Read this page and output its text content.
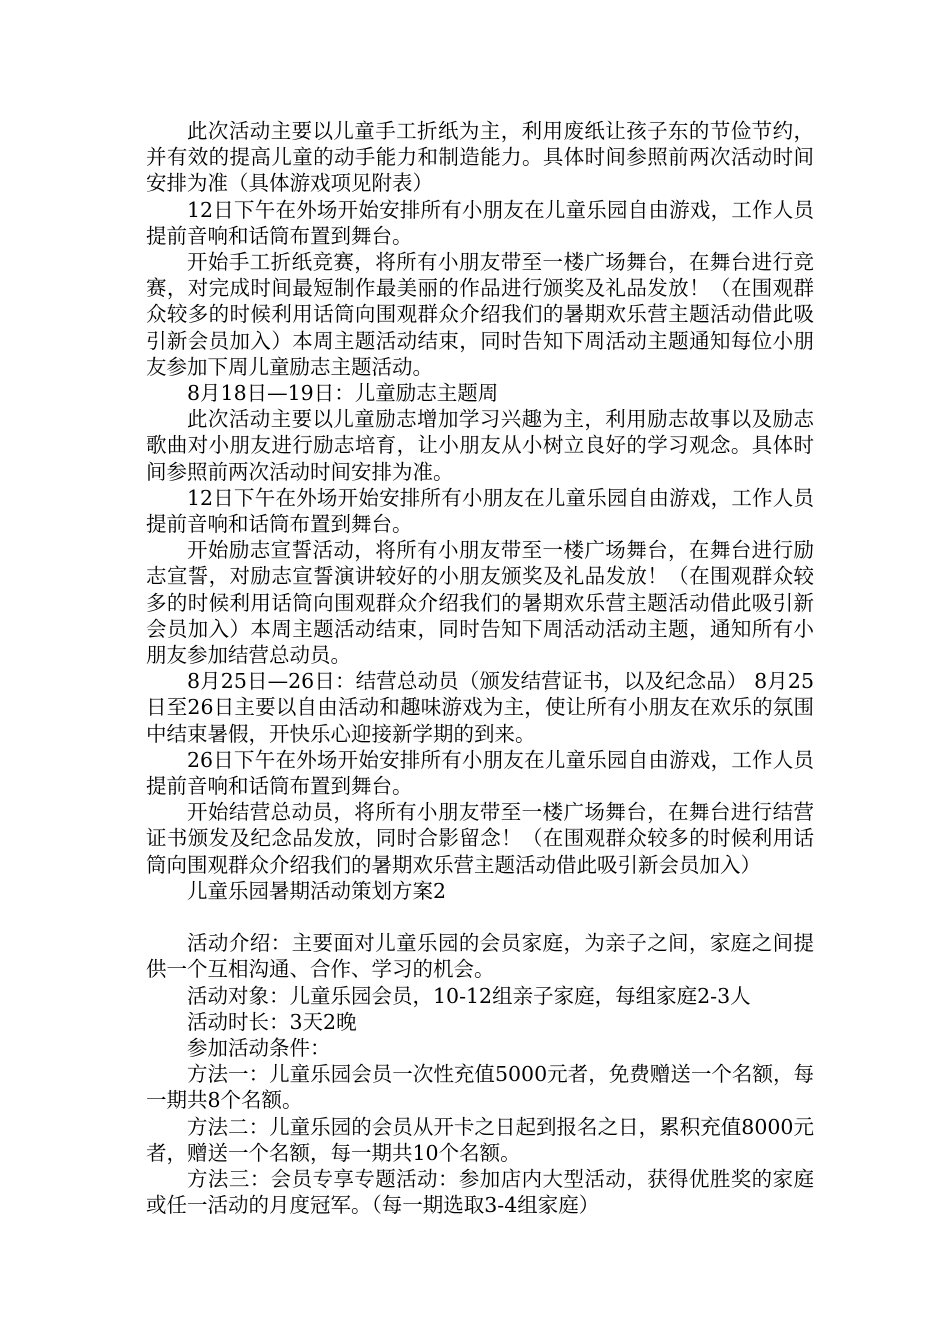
此次活动主要以儿童手工折纸为主，利用废纸让孩子东的节俭节约，并有效的提高儿童的动手能力和制造能力。具体时间参照前两次活动时间安排为准（具体游戏项见附表）

12日下午在外场开始安排所有小朋友在儿童乐园自由游戏，工作人员提前音响和话筒布置到舞台。

开始手工折纸竞赛，将所有小朋友带至一楼广场舞台，在舞台进行竞赛，对完成时间最短制作最美丽的作品进行颁奖及礼品发放！（在围观群众较多的时候利用话筒向围观群众介绍我们的暑期欢乐营主题活动借此吸引新会员加入）本周主题活动结束，同时告知下周活动主题通知每位小朋友参加下周儿童励志主题活动。

8月18日—19日：儿童励志主题周

此次活动主要以儿童励志增加学习兴趣为主，利用励志故事以及励志歌曲对小朋友进行励志培育，让小朋友从小树立良好的学习观念。具体时间参照前两次活动时间安排为准。

12日下午在外场开始安排所有小朋友在儿童乐园自由游戏，工作人员提前音响和话筒布置到舞台。

开始励志宣誓活动，将所有小朋友带至一楼广场舞台，在舞台进行励志宣誓，对励志宣誓演讲较好的小朋友颁奖及礼品发放！（在围观群众较多的时候利用话筒向围观群众介绍我们的暑期欢乐营主题活动借此吸引新会员加入）本周主题活动结束，同时告知下周活动活动主题，通知所有小朋友参加结营总动员。

8月25日—26日：结营总动员（颁发结营证书，以及纪念品） 8月25日至26日主要以自由活动和趣味游戏为主，使让所有小朋友在欢乐的氛围中结束暑假，开快乐心迎接新学期的到来。

26日下午在外场开始安排所有小朋友在儿童乐园自由游戏，工作人员提前音响和话筒布置到舞台。

开始结营总动员，将所有小朋友带至一楼广场舞台，在舞台进行结营证书颁发及纪念品发放，同时合影留念！（在围观群众较多的时候利用话筒向围观群众介绍我们的暑期欢乐营主题活动借此吸引新会员加入）

儿童乐园暑期活动策划方案2

活动介绍：主要面对儿童乐园的会员家庭，为亲子之间，家庭之间提供一个互相沟通、合作、学习的机会。

活动对象：儿童乐园会员，10-12组亲子家庭，每组家庭2-3人

活动时长：3天2晚

参加活动条件：

方法一：儿童乐园会员一次性充值5000元者，免费赠送一个名额，每一期共8个名额。

方法二：儿童乐园的会员从开卡之日起到报名之日，累积充值8000元者，赠送一个名额，每一期共10个名额。

方法三：会员专享专题活动：参加店内大型活动，获得优胜奖的家庭或任一活动的月度冠军。（每一期选取3-4组家庭）
